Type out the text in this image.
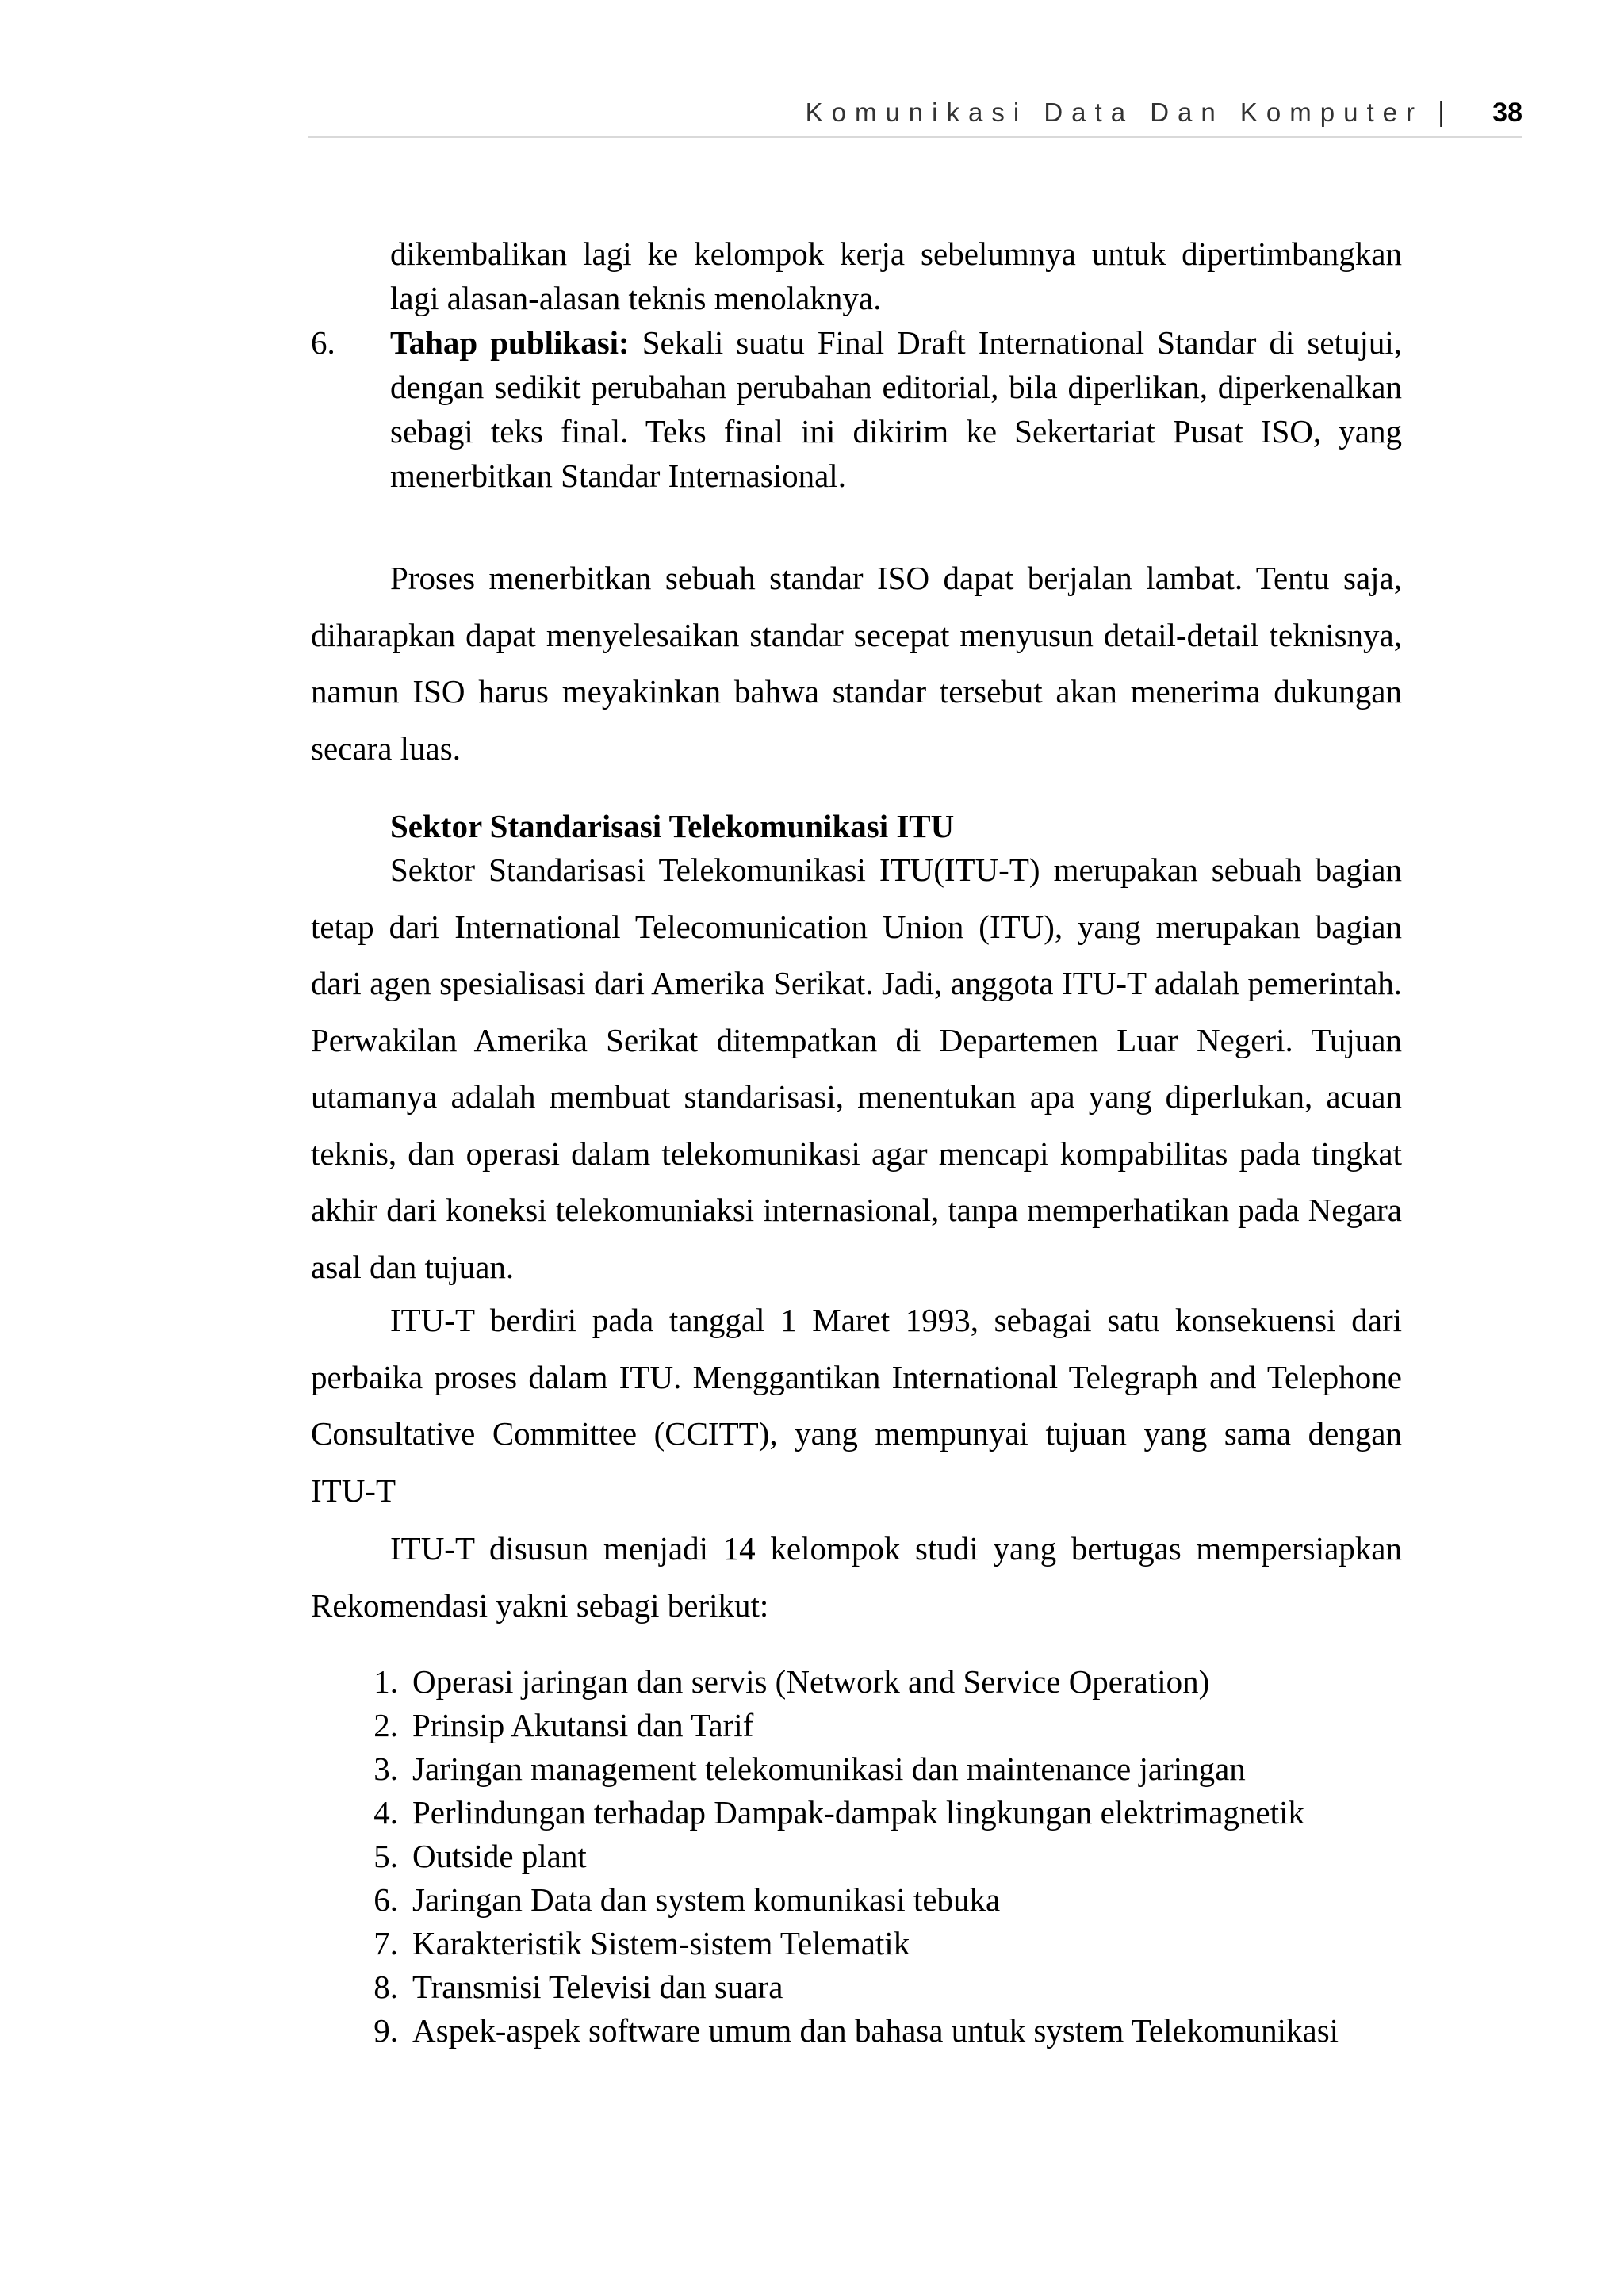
Komunikasi Data Dan Komputer | 38
dikembalikan lagi ke kelompok kerja sebelumnya untuk dipertimbangkan lagi alasan-alasan teknis menolaknya.
6. Tahap publikasi: Sekali suatu Final Draft International Standar di setujui, dengan sedikit perubahan perubahan editorial, bila diperlikan, diperkenalkan sebagi teks final. Teks final ini dikirim ke Sekertariat Pusat ISO, yang menerbitkan Standar Internasional.

Proses menerbitkan sebuah standar ISO dapat berjalan lambat. Tentu saja, diharapkan dapat menyelesaikan standar secepat menyusun detail-detail teknisnya, namun ISO harus meyakinkan bahwa standar tersebut akan menerima dukungan secara luas.

Sektor Standarisasi Telekomunikasi ITU

Sektor Standarisasi Telekomunikasi ITU(ITU-T) merupakan sebuah bagian tetap dari International Telecomunication Union (ITU), yang merupakan bagian dari agen spesialisasi dari Amerika Serikat. Jadi, anggota ITU-T adalah pemerintah. Perwakilan Amerika Serikat ditempatkan di Departemen Luar Negeri. Tujuan utamanya adalah membuat standarisasi, menentukan apa yang diperlukan, acuan teknis, dan operasi dalam telekomunikasi agar mencapi kompabilitas pada tingkat akhir dari koneksi telekomuniaksi internasional, tanpa memperhatikan pada Negara asal dan tujuan.

ITU-T berdiri pada tanggal 1 Maret 1993, sebagai satu konsekuensi dari perbaika proses dalam ITU. Menggantikan International Telegraph and Telephone Consultative Committee (CCITT), yang mempunyai tujuan yang sama dengan ITU-T

ITU-T disusun menjadi 14 kelompok studi yang bertugas mempersiapkan Rekomendasi yakni sebagi berikut:

1. Operasi jaringan dan servis (Network and Service Operation)
2. Prinsip Akutansi dan Tarif
3. Jaringan management telekomunikasi dan maintenance jaringan
4. Perlindungan terhadap Dampak-dampak lingkungan elektrimagnetik
5. Outside plant
6. Jaringan Data dan system komunikasi tebuka
7. Karakteristik Sistem-sistem Telematik
8. Transmisi Televisi dan suara
9. Aspek-aspek software umum dan bahasa untuk system Telekomunikasi
